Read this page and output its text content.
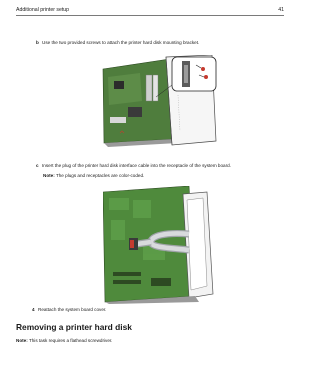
Additional printer setup	41
b Use the two provided screws to attach the printer hard disk mounting bracket.
c Insert the plug of the printer hard disk interface cable into the receptacle of the system board.
Note: The plugs and receptacles are color-coded.
4 Reattach the system board cover.
Removing a printer hard disk
Note: This task requires a flathead screwdriver.
